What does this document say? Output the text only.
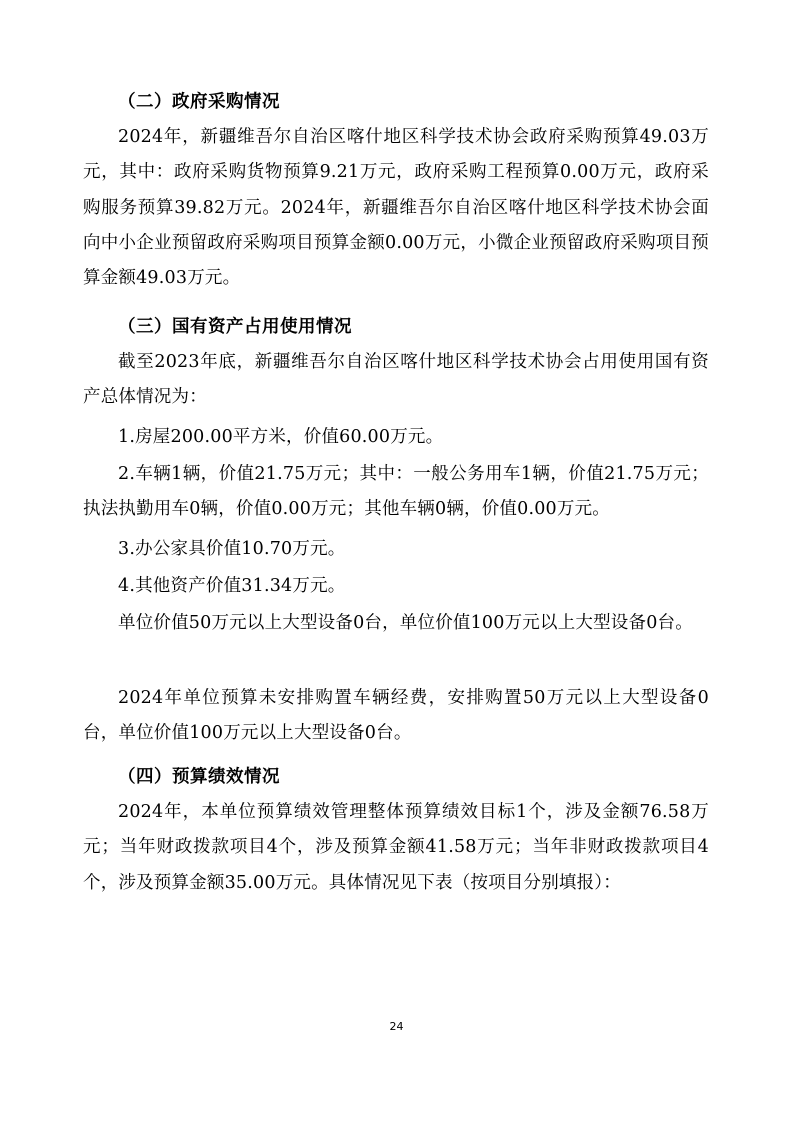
（二）政府采购情况
2024年，新疆维吾尔自治区喀什地区科学技术协会政府采购预算49.03万元，其中：政府采购货物预算9.21万元，政府采购工程预算0.00万元，政府采购服务预算39.82万元。2024年，新疆维吾尔自治区喀什地区科学技术协会面向中小企业预留政府采购项目预算金额0.00万元，小微企业预留政府采购项目预算金额49.03万元。
（三）国有资产占用使用情况
截至2023年底，新疆维吾尔自治区喀什地区科学技术协会占用使用国有资产总体情况为：
1.房屋200.00平方米，价值60.00万元。
2.车辆1辆，价值21.75万元；其中：一般公务用车1辆，价值21.75万元；执法执勤用车0辆，价值0.00万元；其他车辆0辆，价值0.00万元。
3.办公家具价值10.70万元。
4.其他资产价值31.34万元。
单位价值50万元以上大型设备0台，单位价值100万元以上大型设备0台。
2024年单位预算未安排购置车辆经费，安排购置50万元以上大型设备0台，单位价值100万元以上大型设备0台。
（四）预算绩效情况
2024年，本单位预算绩效管理整体预算绩效目标1个，涉及金额76.58万元；当年财政拨款项目4个，涉及预算金额41.58万元；当年非财政拨款项目4个，涉及预算金额35.00万元。具体情况见下表（按项目分别填报）：
24
